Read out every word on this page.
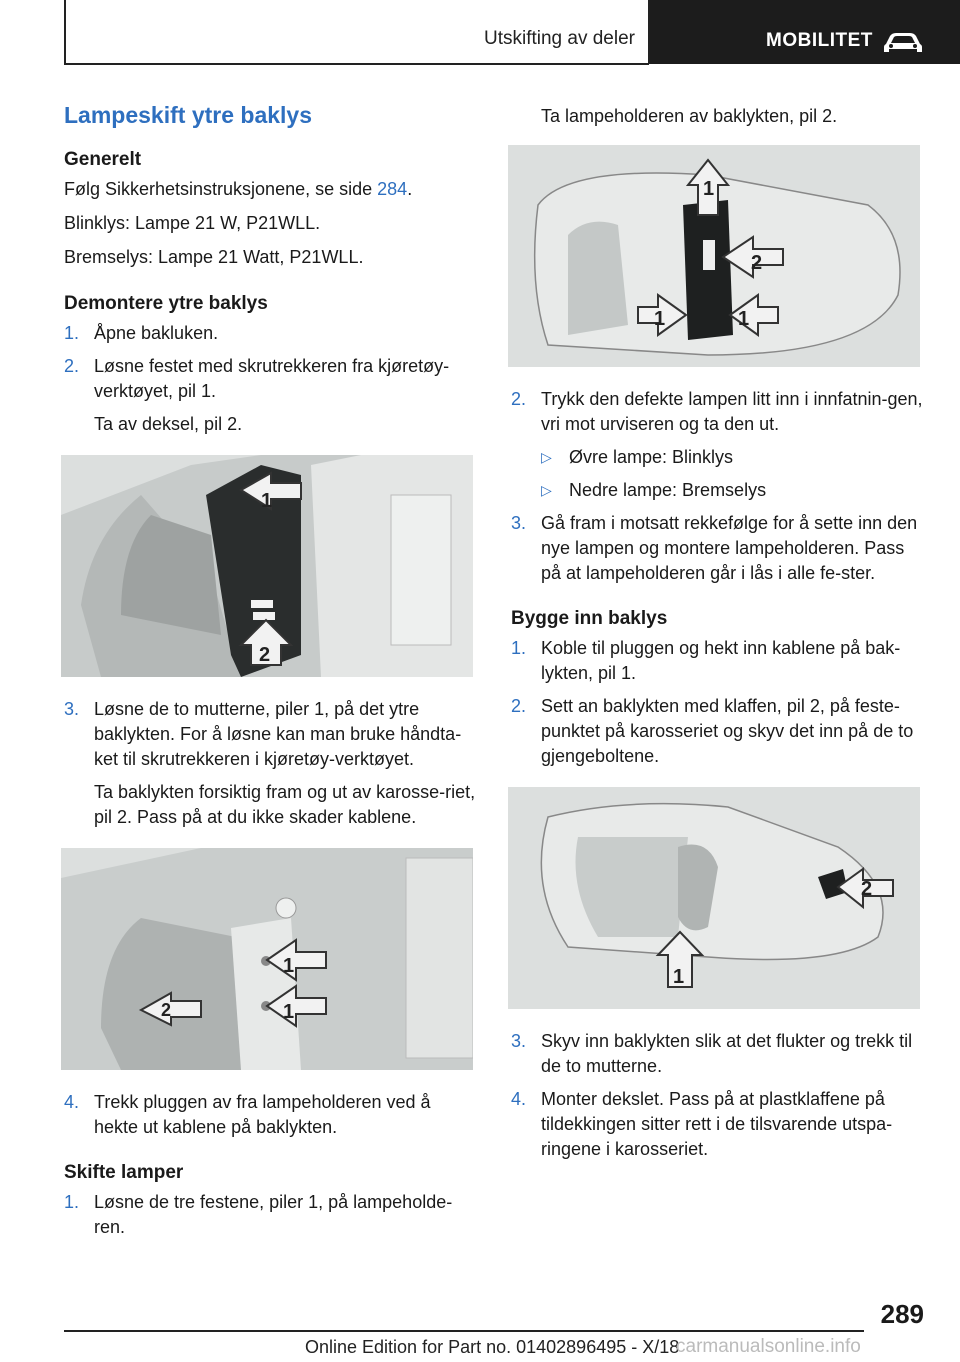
Utskifting av deler	MOBILITET
Lampeskift ytre baklys
Generelt

Følg Sikkerhetsinstruksjonene, se side 284.

Blinklys: Lampe 21 W, P21WLL.

Bremselys: Lampe 21 Watt, P21WLL.

Demontere ytre baklys
1. Åpne bakluken.
2. Løsne festet med skrutrekkeren fra kjøretøy-verktøyet, pil 1.
Ta av deksel, pil 2.
1
2
3. Løsne de to mutterne, piler 1, på det ytre baklykten. For å løsne kan man bruke håndta-ket til skrutrekkeren i kjøretøy-verktøyet.
Ta baklykten forsiktig fram og ut av karosse-riet, pil 2. Pass på at du ikke skader kablene.
1
1
2
4. Trekk pluggen av fra lampeholderen ved å hekte ut kablene på baklykten.
Skifte lamper
1. Løsne de tre festene, piler 1, på lampeholde-ren.

Ta lampeholderen av baklykten, pil 2.

1
2
1	1
2. Trykk den defekte lampen litt inn i innfatnin-gen, vri mot urviseren og ta den ut.
▷ Øvre lampe: Blinklys
▷ Nedre lampe: Bremselys
3. Gå fram i motsatt rekkefølge for å sette inn den nye lampen og montere lampeholderen. Pass på at lampeholderen går i lås i alle fe-ster.
Bygge inn baklys
1. Koble til pluggen og hekt inn kablene på bak-lykten, pil 1.
2. Sett an baklykten med klaffen, pil 2, på feste-punktet på karosseriet og skyv det inn på de to gjengeboltene.
2
1
3. Skyv inn baklykten slik at det flukter og trekk til de to mutterne.
4. Monter dekslet. Pass på at plastklaffene på tildekkingen sitter rett i de tilsvarende utspa-ringene i karosseriet.
289
Online Edition for Part no. 01402896495 - X/18
carmanualsonline.info
